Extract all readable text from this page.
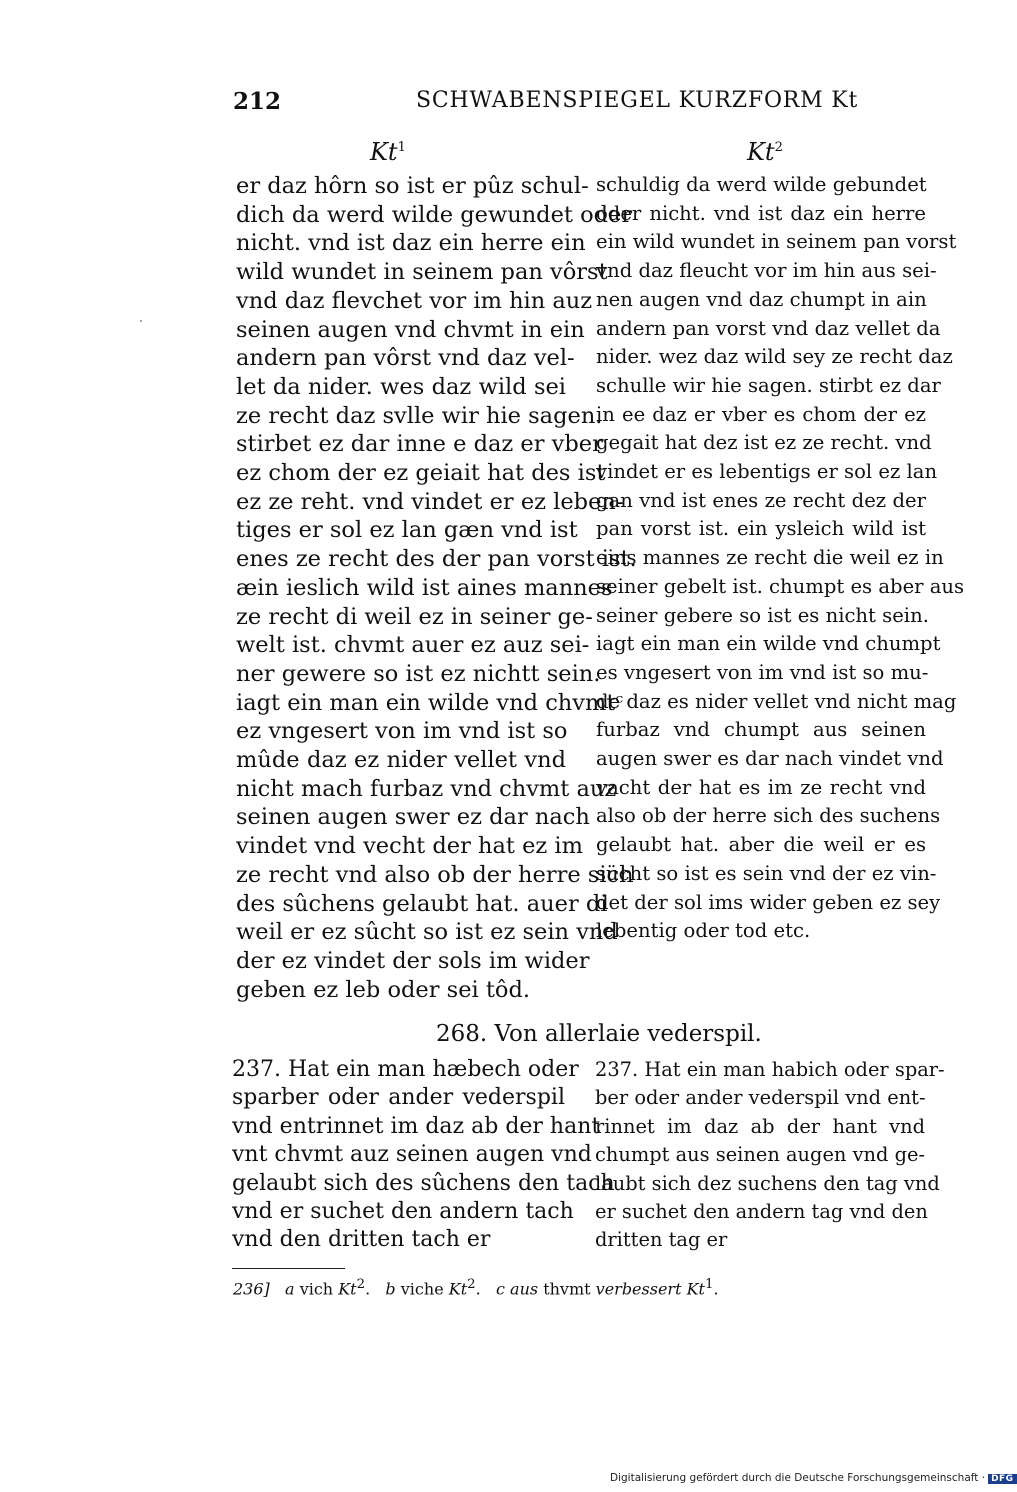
212	SCHWABENSPIEGEL KURZFORM Kt
Kt$^1$	Kt$^2$
er daz hôrn so ist er pûz schul-
dich da werd wilde gewundet oder
nicht. vnd ist daz ein herre ein
wild wundet in seinem pan vôrst
vnd daz flevchet vor im hin auz
seinen augen vnd chvmt in ein
andern pan vôrst vnd daz vel-
let da nider. wes daz wild sei
ze recht daz svlle wir hie sagen.
stirbet ez dar inne e daz er vber
ez chom der ez geiait hat des ist
ez ze reht. vnd vindet er ez leben-
tiges er sol ez lan gæn vnd ist
enes ze recht des der pan vorst ist.
æin ieslich wild ist aines mannes
ze recht di weil ez in seiner ge-
welt ist. chvmt auer ez auz sei-
ner gewere so ist ez nichtt sein.
iagt ein man ein wilde vnd chvmtᶜ
ez vngesert von im vnd ist so
mûde daz ez nider vellet vnd
nicht mach furbaz vnd chvmt auz
seinen augen swer ez dar nach
vindet vnd vecht der hat ez im
ze recht vnd also ob der herre sich
des sûchens gelaubt hat. auer di
weil er ez sûcht so ist ez sein vnd
der ez vindet der sols im wider
geben ez leb oder sei tôd.
schuldig da werd wilde gebundet
oder nicht. vnd ist daz ein herre
ein wild wundet in seinem pan vorst
vnd daz fleucht vor im hin aus sei-
nen augen vnd daz chumpt in ain
andern pan vorst vnd daz vellet da
nider. wez daz wild sey ze recht daz
schulle wir hie sagen. stirbt ez dar
in ee daz er vber es chom der ez
gegait hat dez ist ez ze recht. vnd
vindet er es lebentigs er sol ez lan
gan vnd ist enes ze recht dez der
pan vorst ist. ein ysleich wild ist
eins mannes ze recht die weil ez in
seiner gebelt ist. chumpt es aber aus
seiner gebere so ist es nicht sein.
iagt ein man ein wilde vnd chumpt
es vngesert von im vnd ist so mu-
de daz es nider vellet vnd nicht mag
furbaz vnd chumpt aus seinen
augen swer es dar nach vindet vnd
vacht der hat es im ze recht vnd
also ob der herre sich des suchens
gelaubt hat. aber die weil er es
sücht so ist es sein vnd der ez vin-
det der sol ims wider geben ez sey
lebentig oder tod etc.
268. Von allerlaie vederspil.
237. Hat ein man hæbech oder
sparber oder ander vederspil
vnd entrinnet im daz ab der hant
vnt chvmt auz seinen augen vnd
gelaubt sich des sûchens den tach
vnd er suchet den andern tach
vnd den dritten tach er
237. Hat ein man habich oder spar-
ber oder ander vederspil vnd ent-
rinnet im daz ab der hant vnd
chumpt aus seinen augen vnd ge-
laubt sich dez suchens den tag vnd
er suchet den andern tag vnd den
dritten tag er
236] a vich Kt$^2$.   b viche Kt$^2$.   c aus thvmt verbessert Kt$^1$.
Digitalisierung gefördert durch die Deutsche Forschungsgemeinschaft · DFG
